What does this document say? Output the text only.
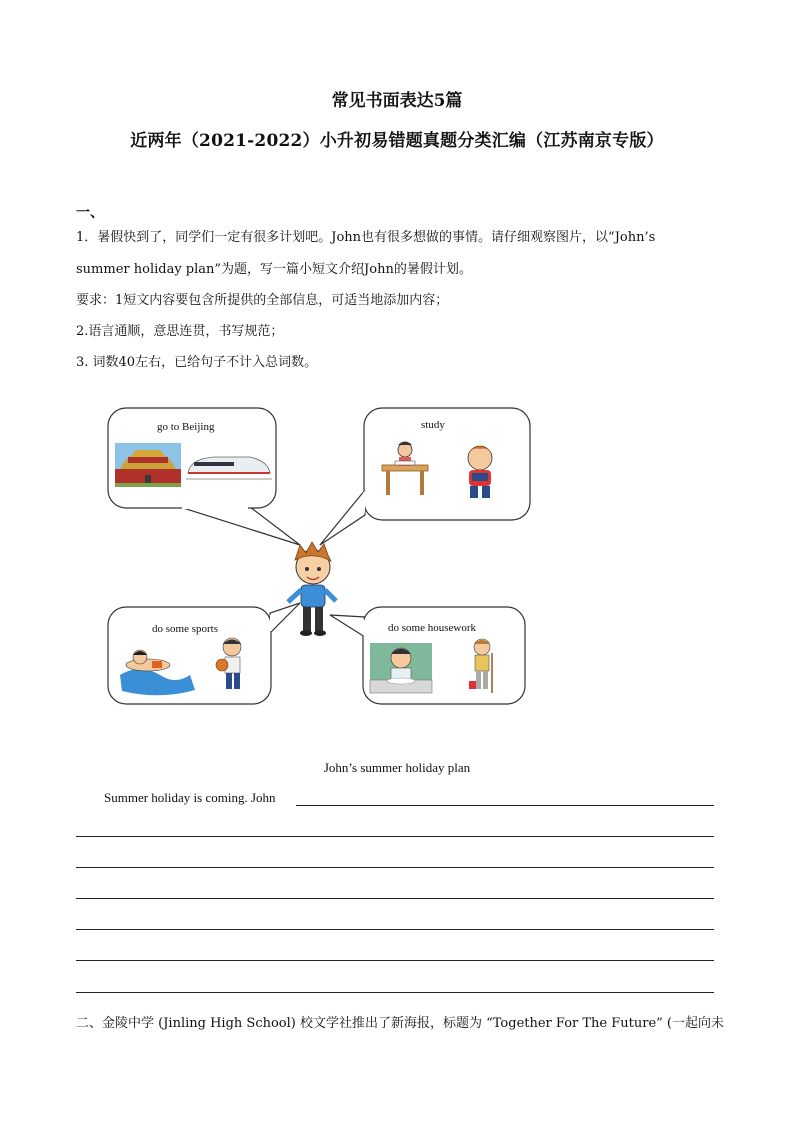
常见书面表达5篇
近两年（2021-2022）小升初易错题真题分类汇编（江苏南京专版）
一、
1．暑假快到了，同学们一定有很多计划吧。John也有很多想做的事情。请仔细观察图片，以“John’s
summer holiday plan”为题，写一篇小短文介绍John的暑假计划。
要求：1短文内容要包含所提供的全部信息，可适当地添加内容；
2.语言通顺，意思连贯，书写规范；
3. 词数40左右，已给句子不计入总词数。
go to Beijing	study
do some sports	do some housework
John’s summer holiday plan
Summer holiday is coming. John
二、金陵中学 (Jinling High School) 校文学社推出了新海报，标题为 “Together For The Future” (一起向未
